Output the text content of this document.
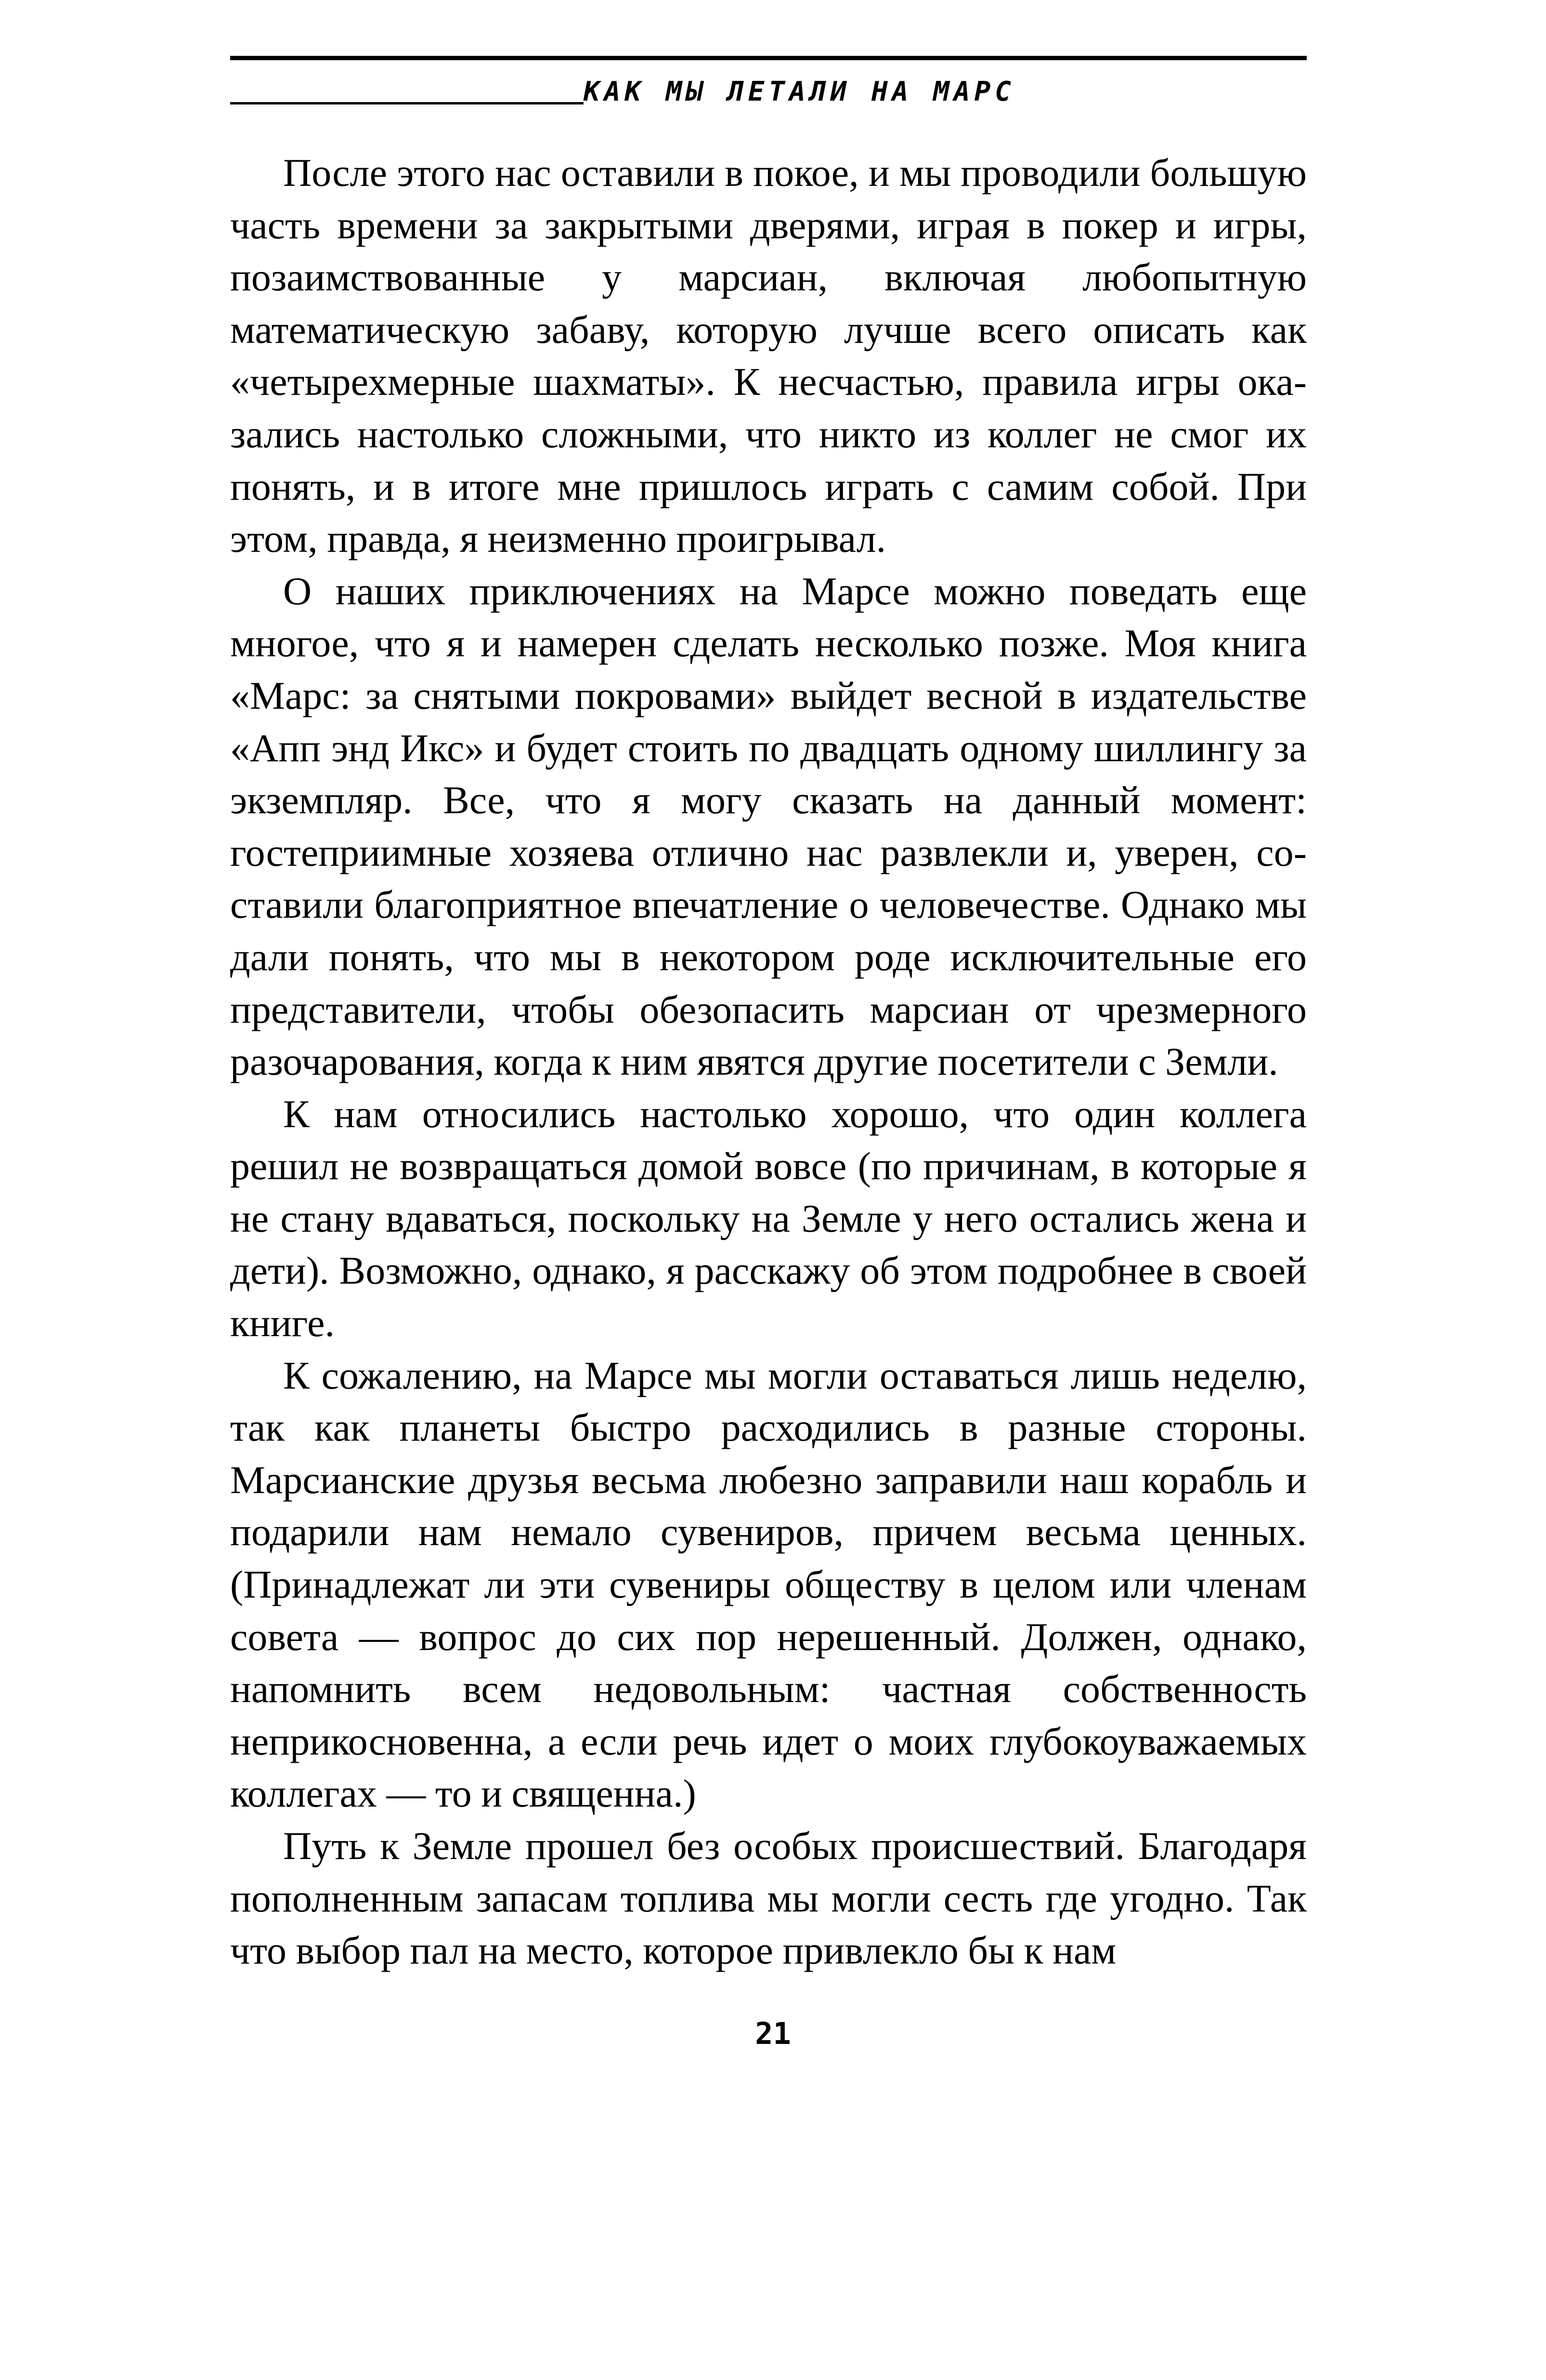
КАК МЫ ЛЕТАЛИ НА МАРС

После этого нас оставили в покое, и мы проводили большую часть времени за закрытыми дверями, играя в покер и игры, позаимствованные у марсиан, включая любопытную математическую забаву, которую лучше всего описать как «четырехмерные шахматы». К несчастью, правила игры оказались настолько сложными, что никто из коллег не смог их понять, и в итоге мне пришлось играть с самим собой. При этом, правда, я неизменно проигрывал.

О наших приключениях на Марсе можно поведать еще многое, что я и намерен сделать несколько позже. Моя книга «Марс: за снятыми покровами» выйдет весной в издательстве «Апп энд Икс» и будет стоить по двадцать одному шиллингу за экземпляр. Все, что я могу сказать на данный момент: гостеприимные хозяева отлично нас развлекли и, уверен, составили благоприятное впечатление о человечестве. Однако мы дали понять, что мы в некотором роде исключительные его представители, чтобы обезопасить марсиан от чрезмерного разочарования, когда к ним явятся другие посетители с Земли.

К нам относились настолько хорошо, что один коллега решил не возвращаться домой вовсе (по причинам, в которые я не стану вдаваться, поскольку на Земле у него остались жена и дети). Возможно, однако, я расскажу об этом подробнее в своей книге.

К сожалению, на Марсе мы могли оставаться лишь неделю, так как планеты быстро расходились в разные стороны. Марсианские друзья весьма любезно заправили наш корабль и подарили нам немало сувениров, причем весьма ценных. (Принадлежат ли эти сувениры обществу в целом или членам совета — вопрос до сих пор нерешенный. Должен, однако, напомнить всем недовольным: частная собственность неприкосновенна, а если речь идет о моих глубокоуважаемых коллегах — то и священна.)

Путь к Земле прошел без особых происшествий. Благодаря пополненным запасам топлива мы могли сесть где угодно. Так что выбор пал на место, которое привлекло бы к нам

21
